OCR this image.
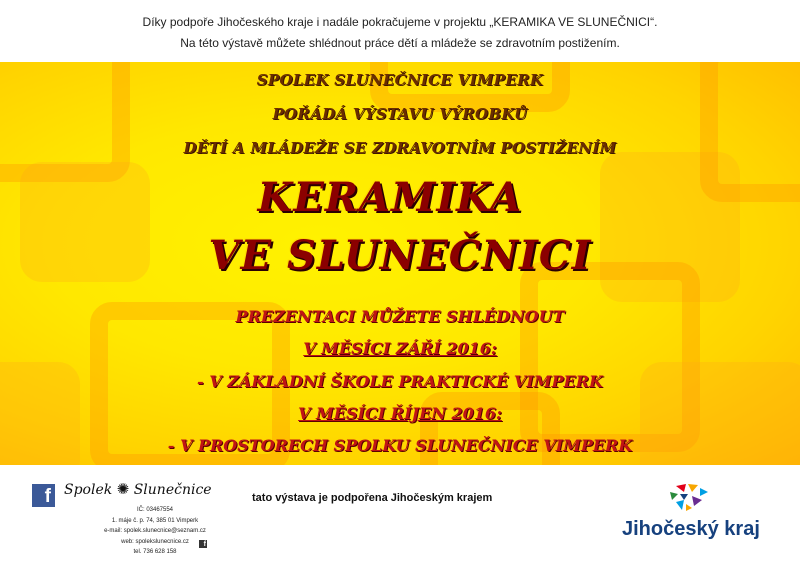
Díky podpoře Jihočeského kraje i nadále pokračujeme v projektu „KERAMIKA VE SLUNEČNICI“.
Na této výstavě můžete shlédnout práce dětí a mládeže se zdravotním postižením.
SPOLEK SLUNEČNICE VIMPERK
POŘÁDÁ VÝSTAVU VÝROBKŮ
DĚTÍ A MLÁDEŽE SE ZDRAVOTNÍM POSTIŽENÍM
KERAMIKA
VE SLUNEČNICI
PREZENTACI MŮŽETE SHLÉDNOUT
V MĚSÍCI ZÁŘÍ 2016:
- V ZÁKLADNÍ ŠKOLE PRAKTICKÉ VIMPERK
V MĚSÍCI ŘÍJEN 2016:
- V PROSTORECH SPOLKU SLUNEČNICE VIMPERK
f Spolek ✺ Slunečnice
IČ: 03467554
1. máje č. p. 74, 385 01 Vimperk
e-mail: spolek.slunecnice@seznam.cz
web: spolekslunecnice.cz
tel. 736 628 158
f
tato výstava je podpořena Jihočeským krajem
Jihočeský kraj
